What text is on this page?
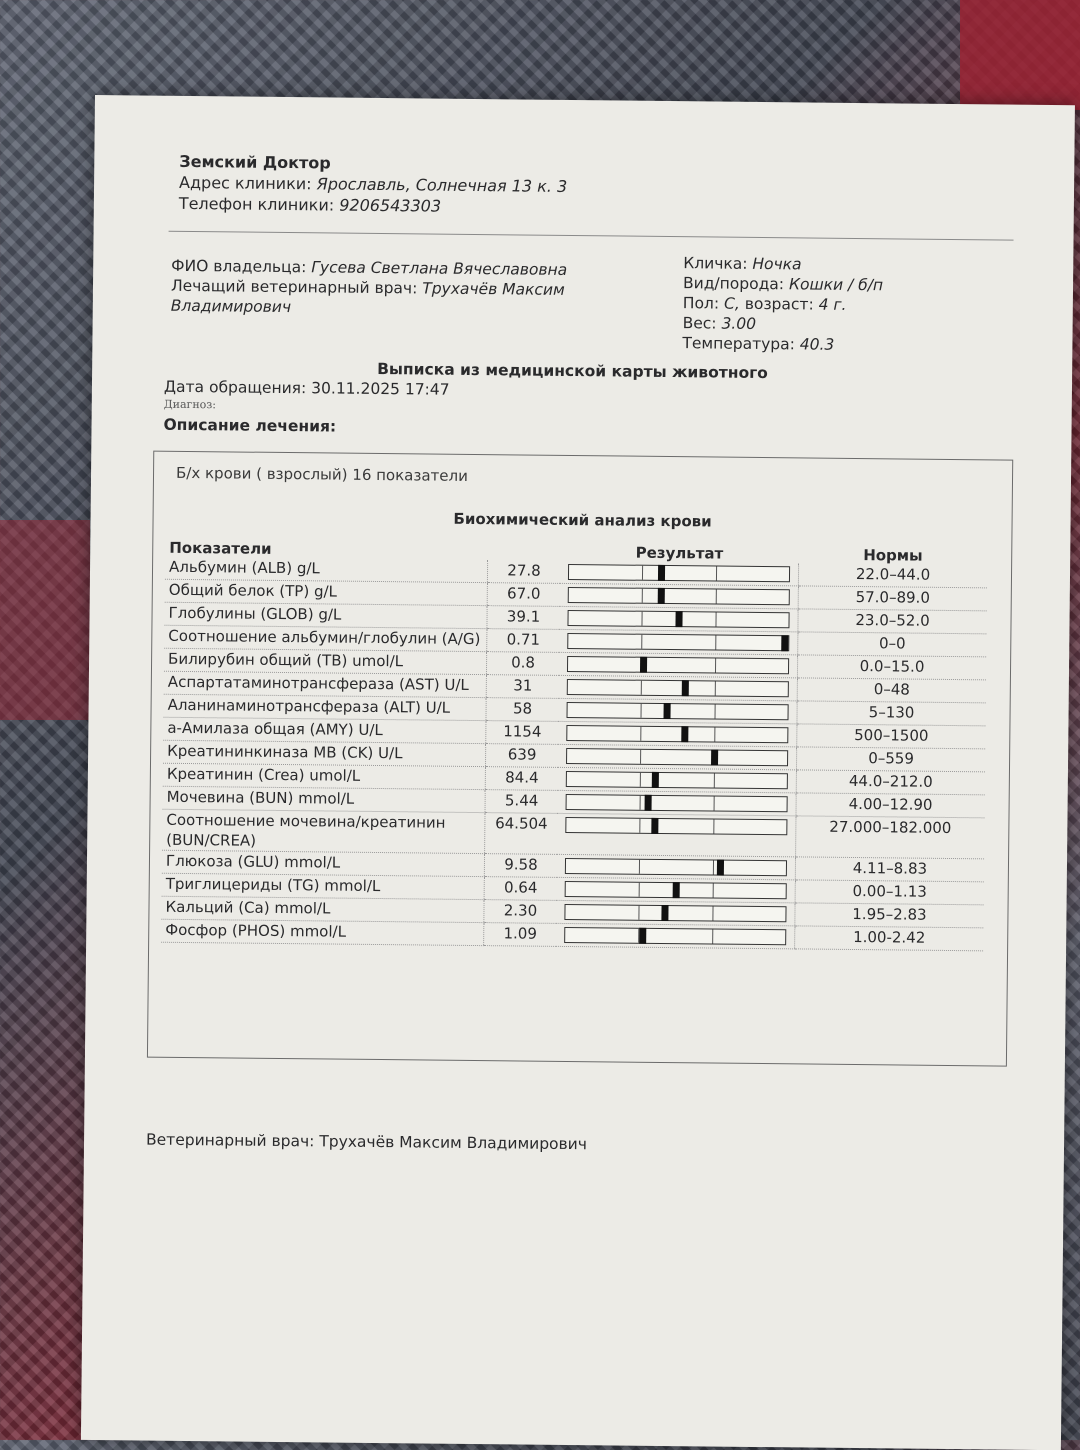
Земский Доктор
Адрес клиники: Ярославль, Солнечная 13 к. 3
Телефон клиники: 9206543303
ФИО владельца: Гусева Светлана Вячеславовна
Лечащий ветеринарный врач: Трухачёв Максим Владимирович
Кличка: Ночка
Вид/порода: Кошки / б/п
Пол: С, возраст: 4 г.
Вес: 3.00
Температура: 40.3
Выписка из медицинской карты животного
Дата обращения: 30.11.2025 17:47
Диагноз:
Описание лечения:
Б/х крови ( взрослый) 16 показатели
Биохимический анализ крови
Показатели		Результат	Нормы
Альбумин (ALB) g/L	27.8		22.0–44.0
Общий белок (TP) g/L	67.0		57.0–89.0
Глобулины (GLOB) g/L	39.1		23.0–52.0
Соотношение альбумин/глобулин (A/G)	0.71		0–0
Билирубин общий (TB) umol/L	0.8		0.0–15.0
Аспартатаминотрансфераза (AST) U/L	31		0–48
Аланинаминотрансфераза (ALT) U/L	58		5–130
а-Амилаза общая (AMY) U/L	1154		500–1500
Креатининкиназа MB (CK) U/L	639		0–559
Креатинин (Crea) umol/L	84.4		44.0–212.0
Мочевина (BUN) mmol/L	5.44		4.00–12.90
Соотношение мочевина/креатинин (BUN/CREA)	64.504		27.000–182.000
Глюкоза (GLU) mmol/L	9.58		4.11–8.83
Триглицериды (TG) mmol/L	0.64		0.00–1.13
Кальций (Ca) mmol/L	2.30		1.95–2.83
Фосфор (PHOS) mmol/L	1.09		1.00-2.42
Ветеринарный врач: Трухачёв Максим Владимирович
